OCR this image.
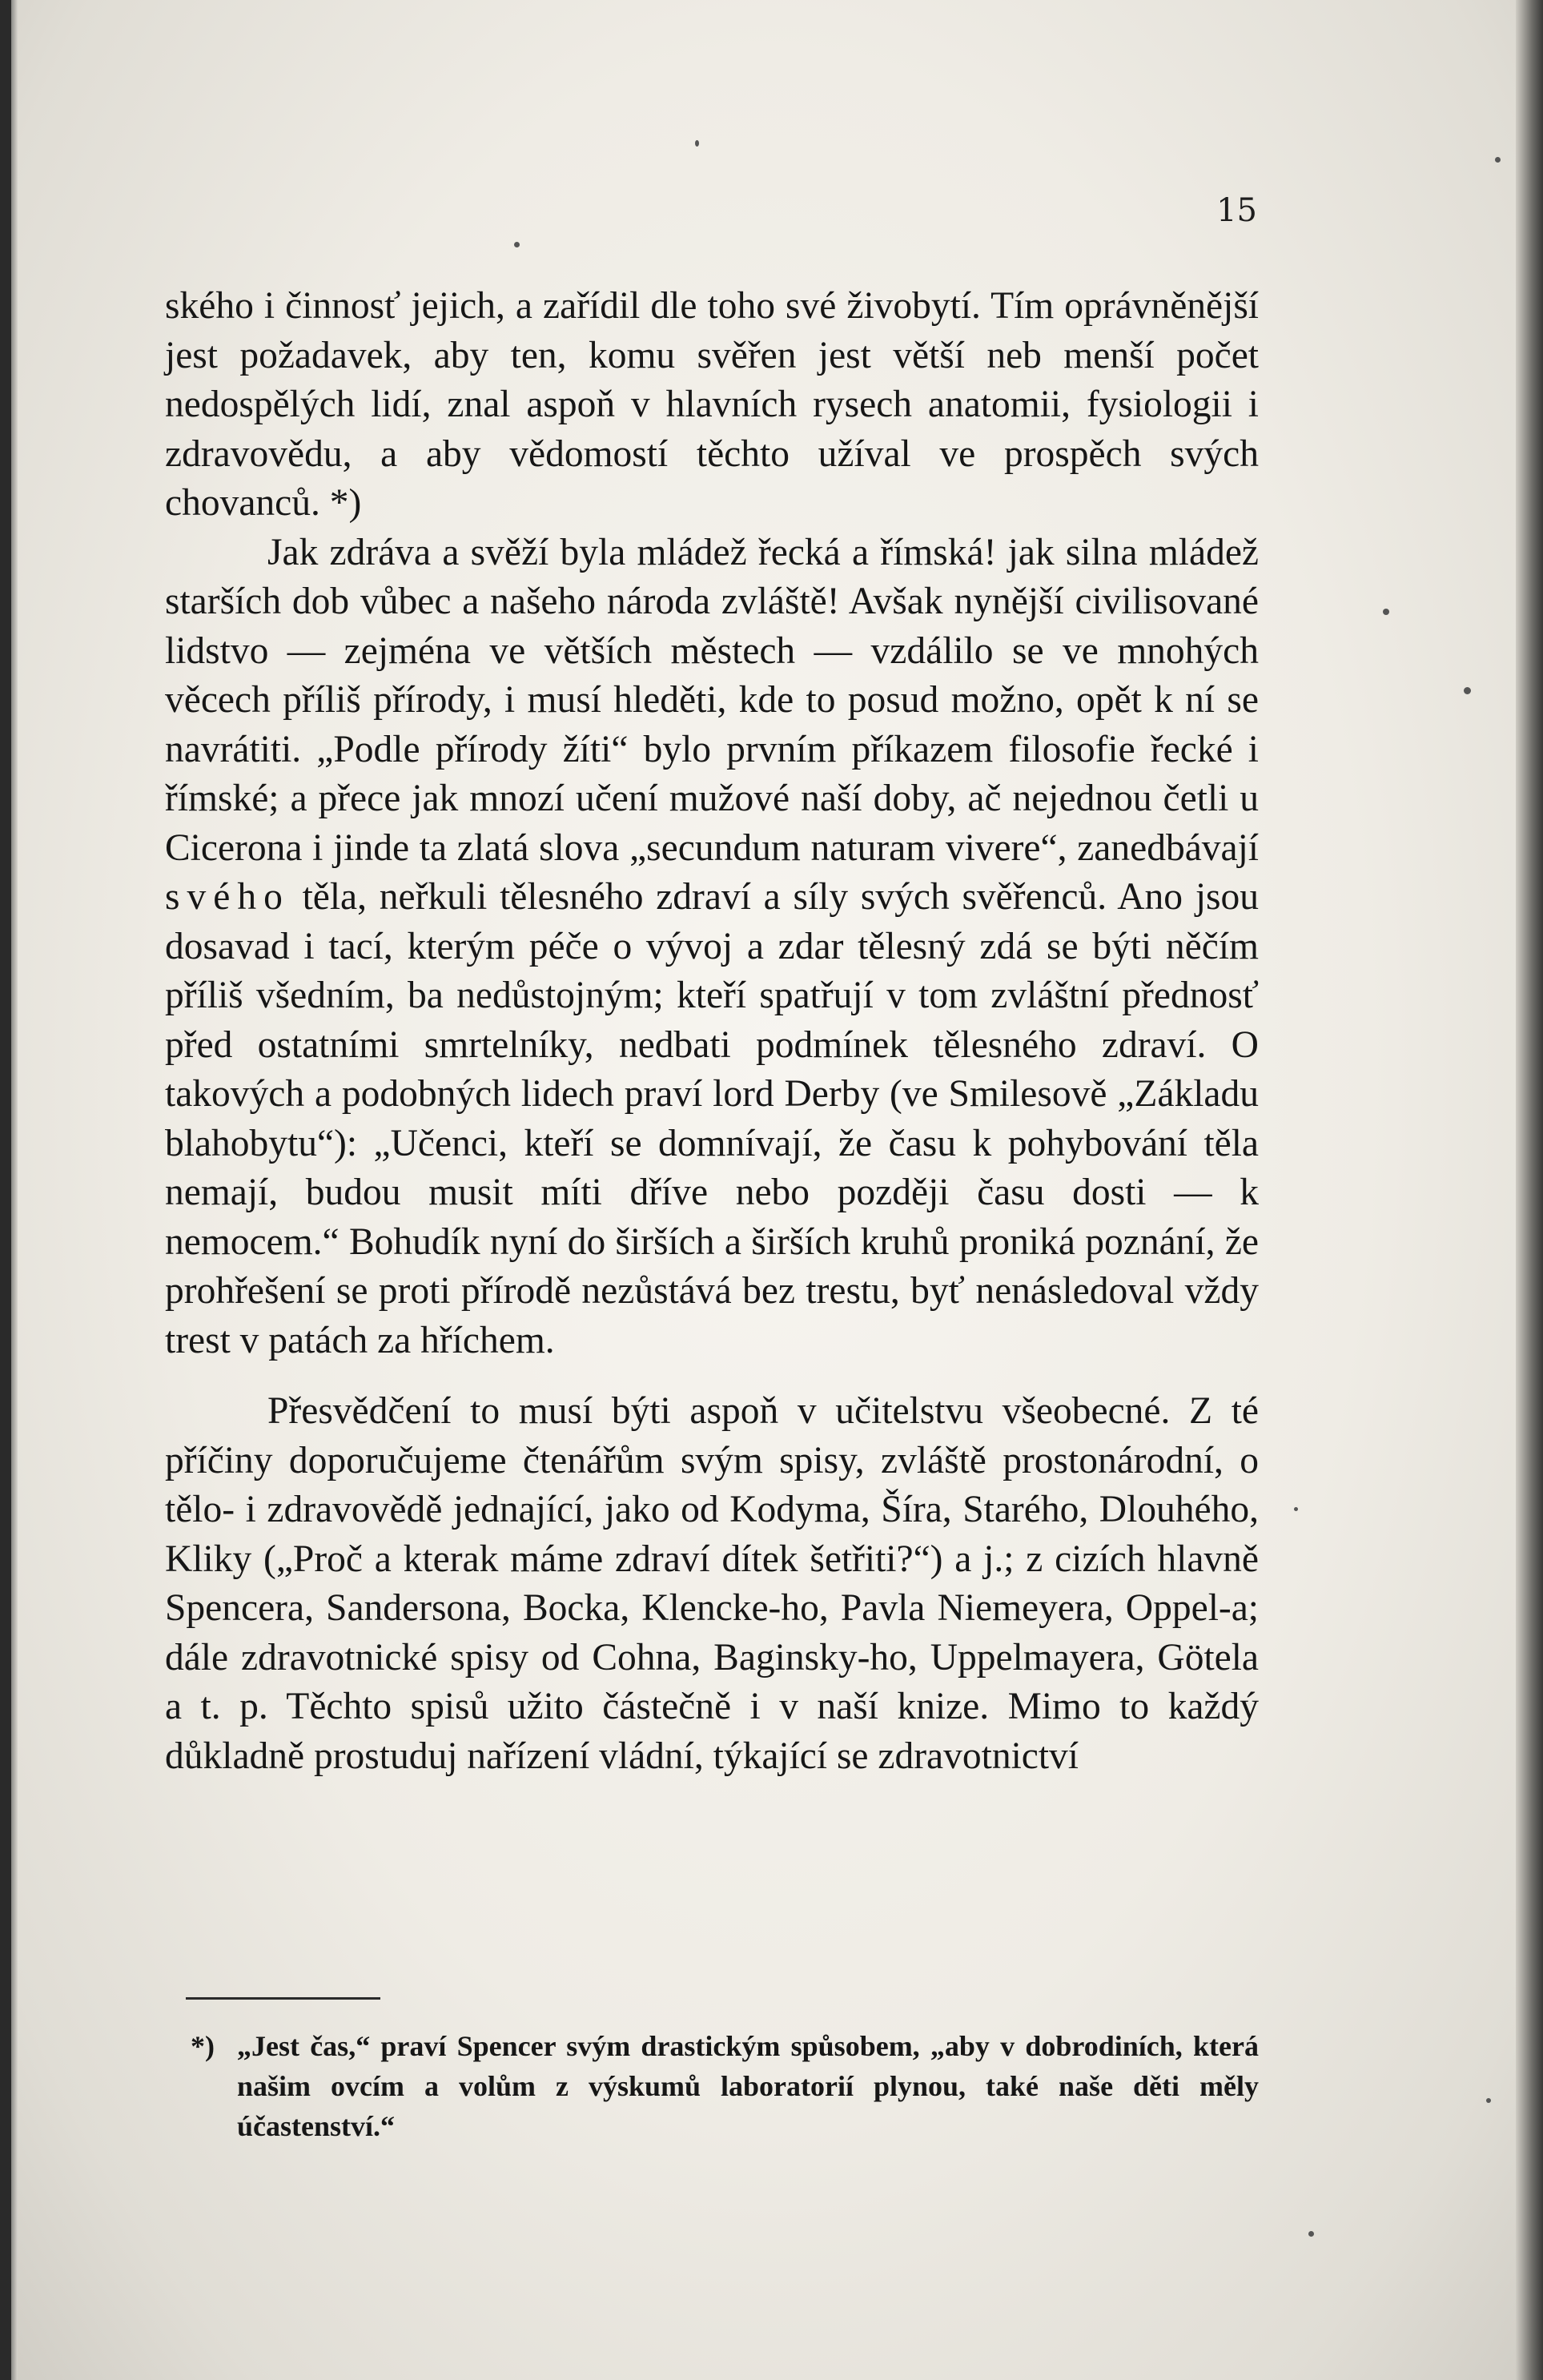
15

ského i činnosť jejich, a zařídil dle toho své živobytí. Tím oprávněnější jest požadavek, aby ten, komu svěřen jest větší neb menší počet nedospělých lidí, znal aspoň v hlavních rysech anatomii, fysiologii i zdravovědu, a aby vědomostí těchto užíval ve prospěch svých chovanců. *)

Jak zdráva a svěží byla mládež řecká a římská! jak silna mládež starších dob vůbec a našeho národa zvláště! Avšak nynější civilisované lidstvo — zejména ve větších městech — vzdálilo se ve mnohých věcech příliš přírody, i musí hleděti, kde to posud možno, opět k ní se navrátiti. „Podle přírody žíti“ bylo prvním příkazem filosofie řecké i římské; a přece jak mnozí učení mužové naší doby, ač nejednou četli u Cicerona i jinde ta zlatá slova „secundum naturam vivere“, zanedbávají svého těla, neřkuli tělesného zdraví a síly svých svěřenců. Ano jsou dosavad i tací, kterým péče o vývoj a zdar tělesný zdá se býti něčím příliš všedním, ba nedůstojným; kteří spatřují v tom zvláštní přednosť před ostatními smrtelníky, nedbati podmínek tělesného zdraví. O takových a podobných lidech praví lord Derby (ve Smilesově „Základu blahobytu“): „Učenci, kteří se domnívají, že času k pohybování těla nemají, budou musit míti dříve nebo později času dosti — k nemocem.“ Bohudík nyní do širších a širších kruhů proniká poznání, že prohřešení se proti přírodě nezůstává bez trestu, byť nenásledoval vždy trest v patách za hříchem.

Přesvědčení to musí býti aspoň v učitelstvu všeobecné. Z té příčiny doporučujeme čtenářům svým spisy, zvláště prostonárodní, o tělo- i zdravovědě jednající, jako od Kodyma, Šíra, Starého, Dlouhého, Kliky („Proč a kterak máme zdraví dítek šetřiti?“) a j.; z cizích hlavně Spencera, Sandersona, Bocka, Klencke-ho, Pavla Niemeyera, Oppel-a; dále zdravotnické spisy od Cohna, Baginsky-ho, Uppelmayera, Götela a t. p. Těchto spisů užito částečně i v naší knize. Mimo to každý důkladně prostuduj nařízení vládní, týkající se zdravotnictví

*) „Jest čas,“ praví Spencer svým drastickým spůsobem, „aby v dobrodiních, která našim ovcím a volům z výskumů laboratorií plynou, také naše děti měly účastenství.“
